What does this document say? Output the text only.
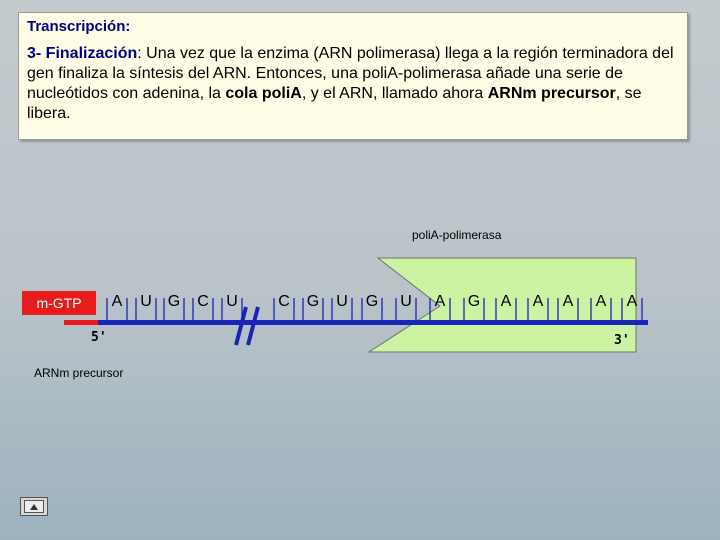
Transcripción:

3- Finalización: Una vez que la enzima (ARN polimerasa) llega a la región terminadora del gen finaliza la síntesis del ARN. Entonces, una poliA‐polimerasa añade una serie de nucleótidos con adenina, la cola poliA, y el ARN, llamado ahora ARNm precursor, se libera.

poliA-polimerasa
m-GTP
5'	3'
ARNm precursor
A U G C U	C G U G U A G A A A A A
